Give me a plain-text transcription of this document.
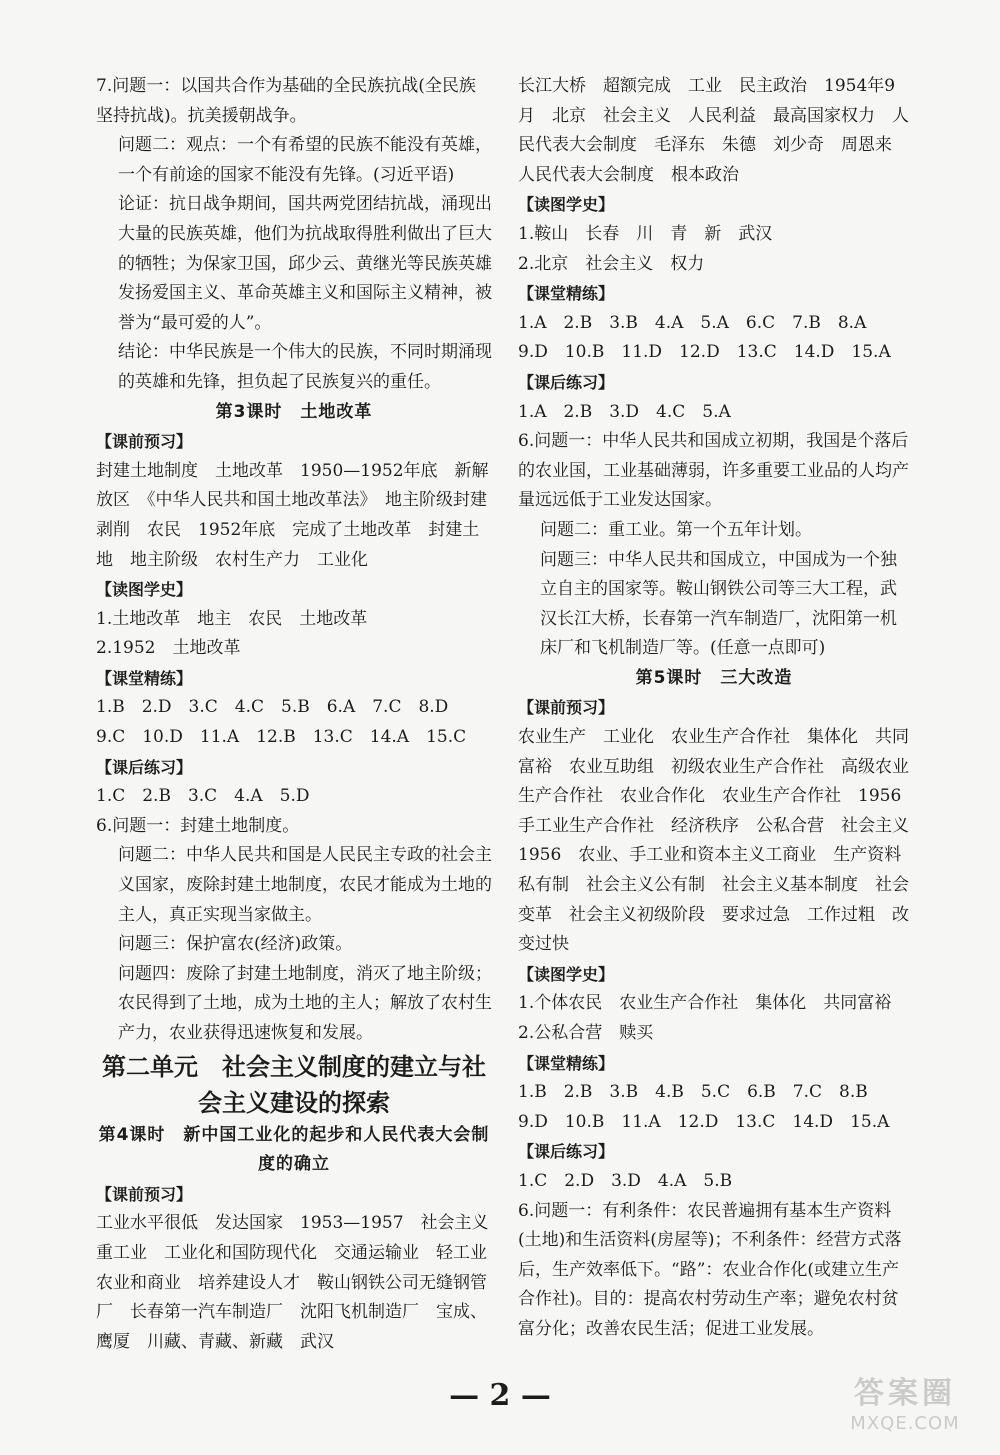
7.问题一：以国共合作为基础的全民族抗战(全民族坚持抗战)。抗美援朝战争。
问题二：观点：一个有希望的民族不能没有英雄，一个有前途的国家不能没有先锋。(习近平语)
论证：抗日战争期间，国共两党团结抗战，涌现出大量的民族英雄，他们为抗战取得胜利做出了巨大的牺牲；为保家卫国，邱少云、黄继光等民族英雄发扬爱国主义、革命英雄主义和国际主义精神，被誉为“最可爱的人”。
结论：中华民族是一个伟大的民族，不同时期涌现的英雄和先锋，担负起了民族复兴的重任。
第3课时　土地改革
【课前预习】
封建土地制度　土地改革　1950—1952年底　新解放区　《中华人民共和国土地改革法》　地主阶级封建剥削　农民　1952年底　完成了土地改革　封建土地　地主阶级　农村生产力　工业化
【读图学史】
1.土地改革　地主　农民　土地改革
2.1952　土地改革
【课堂精练】
1.B　2.D　3.C　4.C　5.B　6.A　7.C　8.D
9.C　10.D　11.A　12.B　13.C　14.A　15.C
【课后练习】
1.C　2.B　3.C　4.A　5.D
6.问题一：封建土地制度。
问题二：中华人民共和国是人民民主专政的社会主义国家，废除封建土地制度，农民才能成为土地的主人，真正实现当家做主。
问题三：保护富农(经济)政策。
问题四：废除了封建土地制度，消灭了地主阶级；农民得到了土地，成为土地的主人；解放了农村生产力，农业获得迅速恢复和发展。
第二单元　社会主义制度的建立与社会主义建设的探索
第4课时　新中国工业化的起步和人民代表大会制度的确立
【课前预习】
工业水平很低　发达国家　1953—1957　社会主义　重工业　工业化和国防现代化　交通运输业　轻工业　农业和商业　培养建设人才　鞍山钢铁公司无缝钢管厂　长春第一汽车制造厂　沈阳飞机制造厂　宝成、鹰厦　川藏、青藏、新藏　武汉
长江大桥　超额完成　工业　民主政治　1954年9月　北京　社会主义　人民利益　最高国家权力　人民代表大会制度　毛泽东　朱德　刘少奇　周恩来　人民代表大会制度　根本政治
【读图学史】
1.鞍山　长春　川　青　新　武汉
2.北京　社会主义　权力
【课堂精练】
1.A　2.B　3.B　4.A　5.A　6.C　7.B　8.A
9.D　10.B　11.D　12.D　13.C　14.D　15.A
【课后练习】
1.A　2.B　3.D　4.C　5.A
6.问题一：中华人民共和国成立初期，我国是个落后的农业国，工业基础薄弱，许多重要工业品的人均产量远远低于工业发达国家。
问题二：重工业。第一个五年计划。
问题三：中华人民共和国成立，中国成为一个独立自主的国家等。鞍山钢铁公司等三大工程，武汉长江大桥，长春第一汽车制造厂，沈阳第一机床厂和飞机制造厂等。(任意一点即可)
第5课时　三大改造
【课前预习】
农业生产　工业化　农业生产合作社　集体化　共同富裕　农业互助组　初级农业生产合作社　高级农业生产合作社　农业合作化　农业生产合作社　1956　手工业生产合作社　经济秩序　公私合营　社会主义　1956　农业、手工业和资本主义工商业　生产资料私有制　社会主义公有制　社会主义基本制度　社会变革　社会主义初级阶段　要求过急　工作过粗　改变过快
【读图学史】
1.个体农民　农业生产合作社　集体化　共同富裕
2.公私合营　赎买
【课堂精练】
1.B　2.B　3.B　4.B　5.C　6.B　7.C　8.B
9.D　10.B　11.A　12.D　13.C　14.D　15.A
【课后练习】
1.C　2.D　3.D　4.A　5.B
6.问题一：有利条件：农民普遍拥有基本生产资料(土地)和生活资料(房屋等)；不利条件：经营方式落后，生产效率低下。“路”：农业合作化(或建立生产合作社)。目的：提高农村劳动生产率；避免农村贫富分化；改善农民生活；促进工业发展。
— 2 —	答案圈
MXQE.COM
